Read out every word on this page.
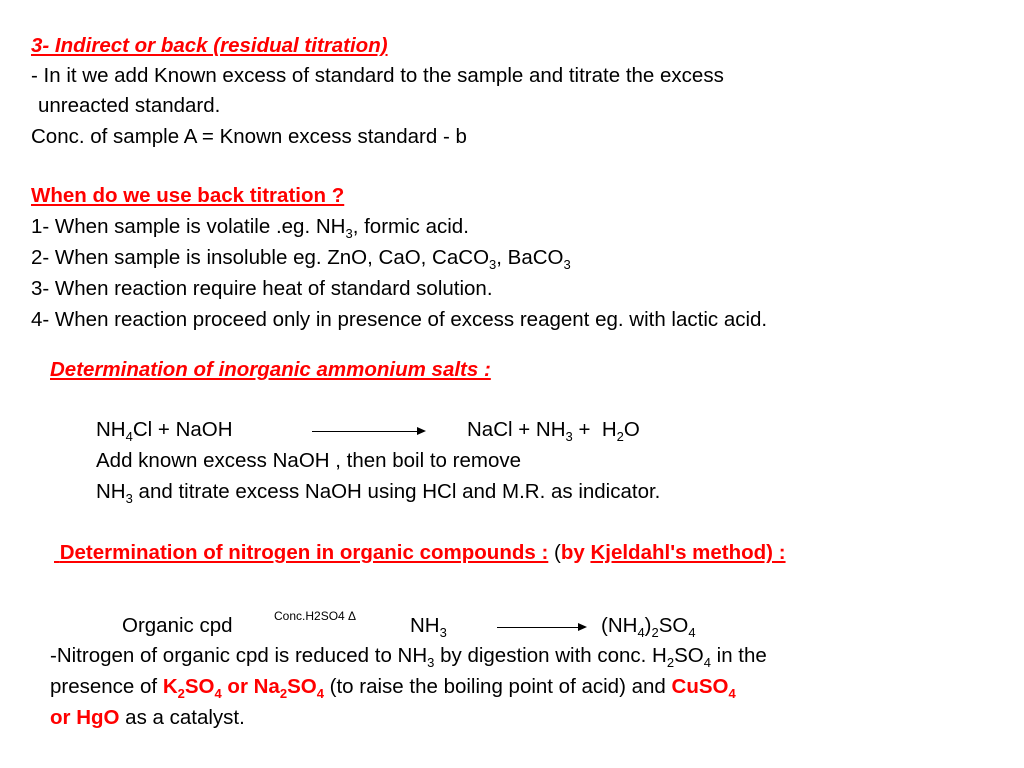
3- Indirect or back (residual titration)
- In it we add Known excess of standard to the sample and titrate the excess
unreacted standard.
Conc. of sample A = Known excess standard - b
When do we use back titration ?
1- When sample is volatile .eg. $NH_3$, formic acid.
2- When sample is insoluble eg. ZnO, CaO, CaCO$_3$, BaCO$_3$
3- When reaction require heat of standard solution.
4- When reaction proceed only in presence of excess reagent eg. with lactic acid.
Determination of inorganic ammonium salts :
$NH_4Cl$ + NaOH	NaCl + $NH_3 + H_2O$
Add known excess NaOH , then boil to remove
$NH_3$ and titrate excess NaOH using HCl and M.R. as indicator.
Determination of nitrogen in organic compounds : (by Kjeldahl's method) :
Organic cpd	Conc.H2SO4 Δ	$NH_3$	$(NH_4)_2SO_4$
-Nitrogen of organic cpd is reduced to $NH_3$ by digestion with conc. $H_2SO_4$ in the
presence of $K_2SO_4$ or $Na_2SO_4$ (to raise the boiling point of acid) and CuSO$_4$
or HgO as a catalyst.
